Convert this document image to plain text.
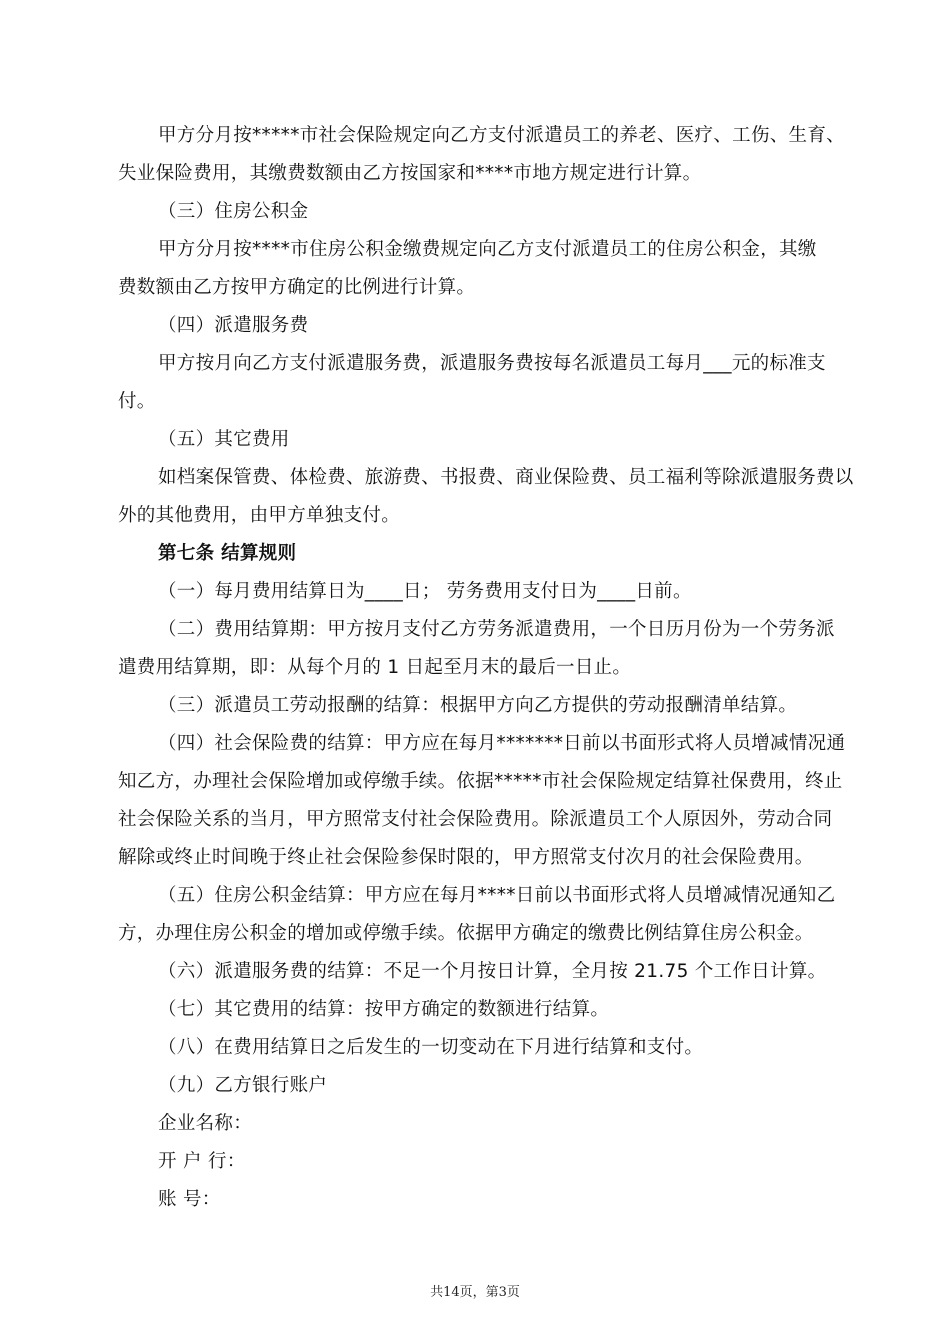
甲方分月按*****市社会保险规定向乙方支付派遣员工的养老、医疗、工伤、生育、
失业保险费用，其缴费数额由乙方按国家和****市地方规定进行计算。
（三）住房公积金
甲方分月按****市住房公积金缴费规定向乙方支付派遣员工的住房公积金，其缴
费数额由乙方按甲方确定的比例进行计算。
（四）派遣服务费
甲方按月向乙方支付派遣服务费，派遣服务费按每名派遣员工每月___元的标准支
付。
（五）其它费用
如档案保管费、体检费、旅游费、书报费、商业保险费、员工福利等除派遣服务费以
外的其他费用，由甲方单独支付。
第七条 结算规则
（一）每月费用结算日为____日； 劳务费用支付日为____日前。
（二）费用结算期：甲方按月支付乙方劳务派遣费用，一个日历月份为一个劳务派
遣费用结算期，即：从每个月的 1 日起至月末的最后一日止。
（三）派遣员工劳动报酬的结算：根据甲方向乙方提供的劳动报酬清单结算。
（四）社会保险费的结算：甲方应在每月*******日前以书面形式将人员增减情况通
知乙方，办理社会保险增加或停缴手续。依据*****市社会保险规定结算社保费用，终止
社会保险关系的当月，甲方照常支付社会保险费用。除派遣员工个人原因外，劳动合同
解除或终止时间晚于终止社会保险参保时限的，甲方照常支付次月的社会保险费用。
（五）住房公积金结算：甲方应在每月****日前以书面形式将人员增减情况通知乙
方，办理住房公积金的增加或停缴手续。依据甲方确定的缴费比例结算住房公积金。
（六）派遣服务费的结算：不足一个月按日计算，全月按 21.75 个工作日计算。
（七）其它费用的结算：按甲方确定的数额进行结算。
（八）在费用结算日之后发生的一切变动在下月进行结算和支付。
（九）乙方银行账户
企业名称：
开 户 行：
账 号：
共14页，第3页
